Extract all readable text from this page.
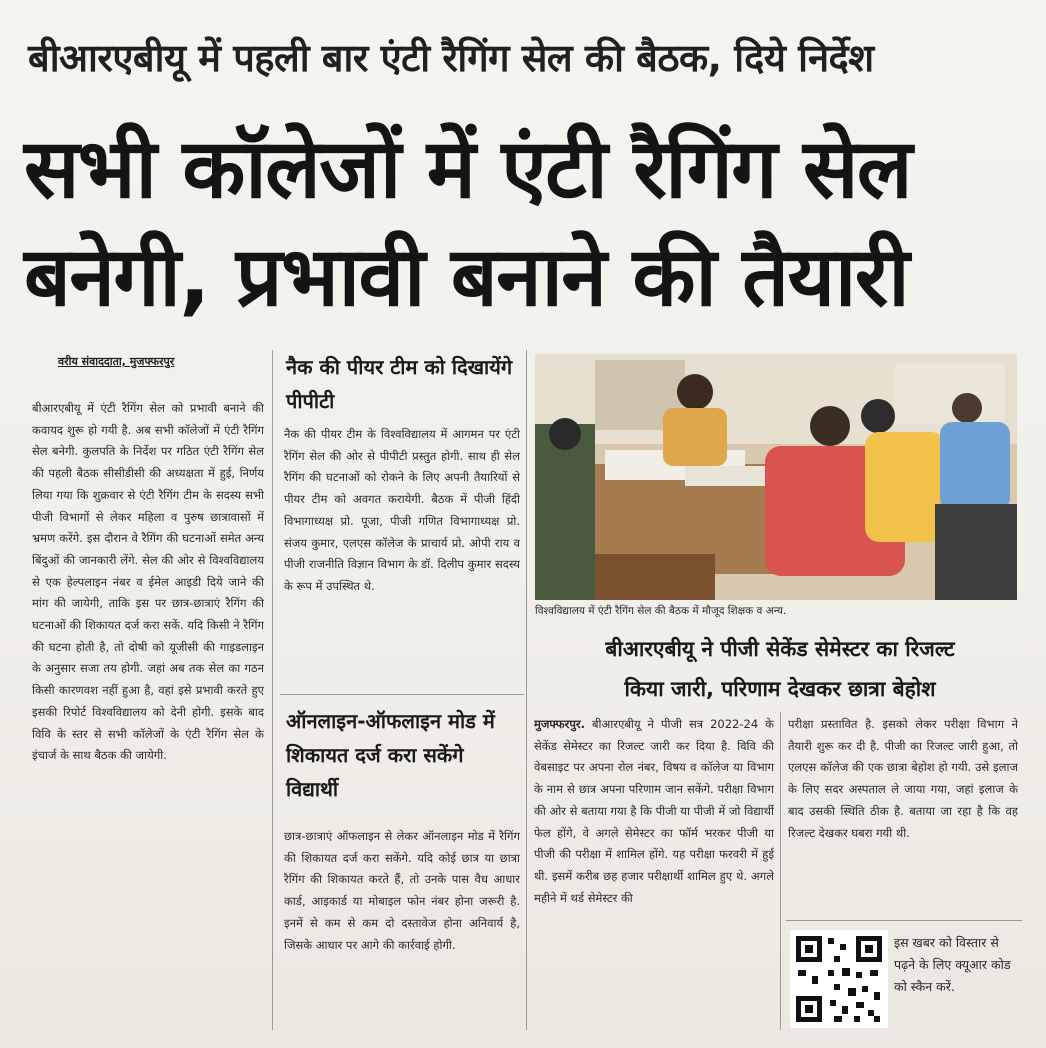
बीआरएबीयू में पहली बार एंटी रैगिंग सेल की बैठक, दिये निर्देश
सभी कॉलेजों में एंटी रैगिंग सेल
बनेगी, प्रभावी बनाने की तैयारी
वरीय संवाददाता, मुजफ्फरपुर
बीआरएबीयू में एंटी रैगिंग सेल को प्रभावी बनाने की कवायद शुरू हो गयी है. अब सभी कॉलेजों में एंटी रैगिंग सेल बनेगी. कुलपति के निर्देश पर गठित एंटी रैगिंग सेल की पहली बैठक सीसीडीसी की अध्यक्षता में हुई, निर्णय लिया गया कि शुक्रवार से एंटी रैगिंग टीम के सदस्य सभी पीजी विभागों से लेकर महिला व पुरुष छात्रावासों में भ्रमण करेंगे. इस दौरान वे रैगिंग की घटनाओं समेत अन्य बिंदुओं की जानकारी लेंगे. सेल की ओर से विश्वविद्यालय से एक हेल्पलाइन नंबर व ईमेल आइडी दिये जाने की मांग की जायेगी, ताकि इस पर छात्र-छात्राएं रैगिंग की घटनाओं की शिकायत दर्ज करा सकें. यदि किसी ने रैगिंग की घटना होती है, तो दोषी को यूजीसी की गाइडलाइन के अनुसार सजा तय होगी. जहां अब तक सेल का गठन किसी कारणवश नहीं हुआ है, वहां इसे प्रभावी करते हुए इसकी रिपोर्ट विश्वविद्यालय को देनी होगी. इसके बाद विवि के स्तर से सभी कॉलेजों के एंटी रैगिंग सेल के इंचार्ज के साथ बैठक की जायेगी.
नैक की पीयर टीम को दिखायेंगे पीपीटी
नैक की पीयर टीम के विश्वविद्यालय में आगमन पर एंटी रैगिंग सेल की ओर से पीपीटी प्रस्तुत होगी. साथ ही सेल रैगिंग की घटनाओं को रोकने के लिए अपनी तैयारियों से पीयर टीम को अवगत करायेगी. बैठक में पीजी हिंदी विभागाध्यक्ष प्रो. पूजा, पीजी गणित विभागाध्यक्ष प्रो. संजय कुमार, एलएस कॉलेज के प्राचार्य प्रो. ओपी राय व पीजी राजनीति विज्ञान विभाग के डॉ. दिलीप कुमार सदस्य के रूप में उपस्थित थे.
ऑनलाइन-ऑफलाइन मोड में शिकायत दर्ज करा सकेंगे विद्यार्थी
छात्र-छात्राएं ऑफलाइन से लेकर ऑनलाइन मोड में रैगिंग की शिकायत दर्ज करा सकेंगे. यदि कोई छात्र या छात्रा रैगिंग की शिकायत करते हैं, तो उनके पास वैध आधार कार्ड, आइकार्ड या मोबाइल फोन नंबर होना जरूरी है. इनमें से कम से कम दो दस्तावेज होना अनिवार्य है, जिसके आधार पर आगे की कार्रवाई होगी.
विश्वविद्यालय में एंटी रैगिंग सेल की बैठक में मौजूद शिक्षक व अन्य.
बीआरएबीयू ने पीजी सेकेंड सेमेस्टर का रिजल्ट
किया जारी, परिणाम देखकर छात्रा बेहोश
मुजफ्फरपुर. बीआरएबीयू ने पीजी सत्र 2022-24 के सेकेंड सेमेस्टर का रिजल्ट जारी कर दिया है. विवि की वेबसाइट पर अपना रोल नंबर, विषय व कॉलेज या विभाग के नाम से छात्र अपना परिणाम जान सकेंगे. परीक्षा विभाग की ओर से बताया गया है कि पीजी या पीजी में जो विद्यार्थी फेल होंगे, वे अगले सेमेस्टर का फॉर्म भरकर पीजी या पीजी की परीक्षा में शामिल होंगे. यह परीक्षा फरवरी में हुई थी. इसमें करीब छह हजार परीक्षार्थी शामिल हुए थे. अगले महीने में थर्ड सेमेस्टर की
परीक्षा प्रस्तावित है. इसको लेकर परीक्षा विभाग ने तैयारी शुरू कर दी है. पीजी का रिजल्ट जारी हुआ, तो एलएस कॉलेज की एक छात्रा बेहोश हो गयी. उसे इलाज के लिए सदर अस्पताल ले जाया गया, जहां इलाज के बाद उसकी स्थिति ठीक है. बताया जा रहा है कि वह रिजल्ट देखकर घबरा गयी थी.
इस खबर को विस्तार से पढ़ने के लिए क्यूआर कोड को स्कैन करें.
